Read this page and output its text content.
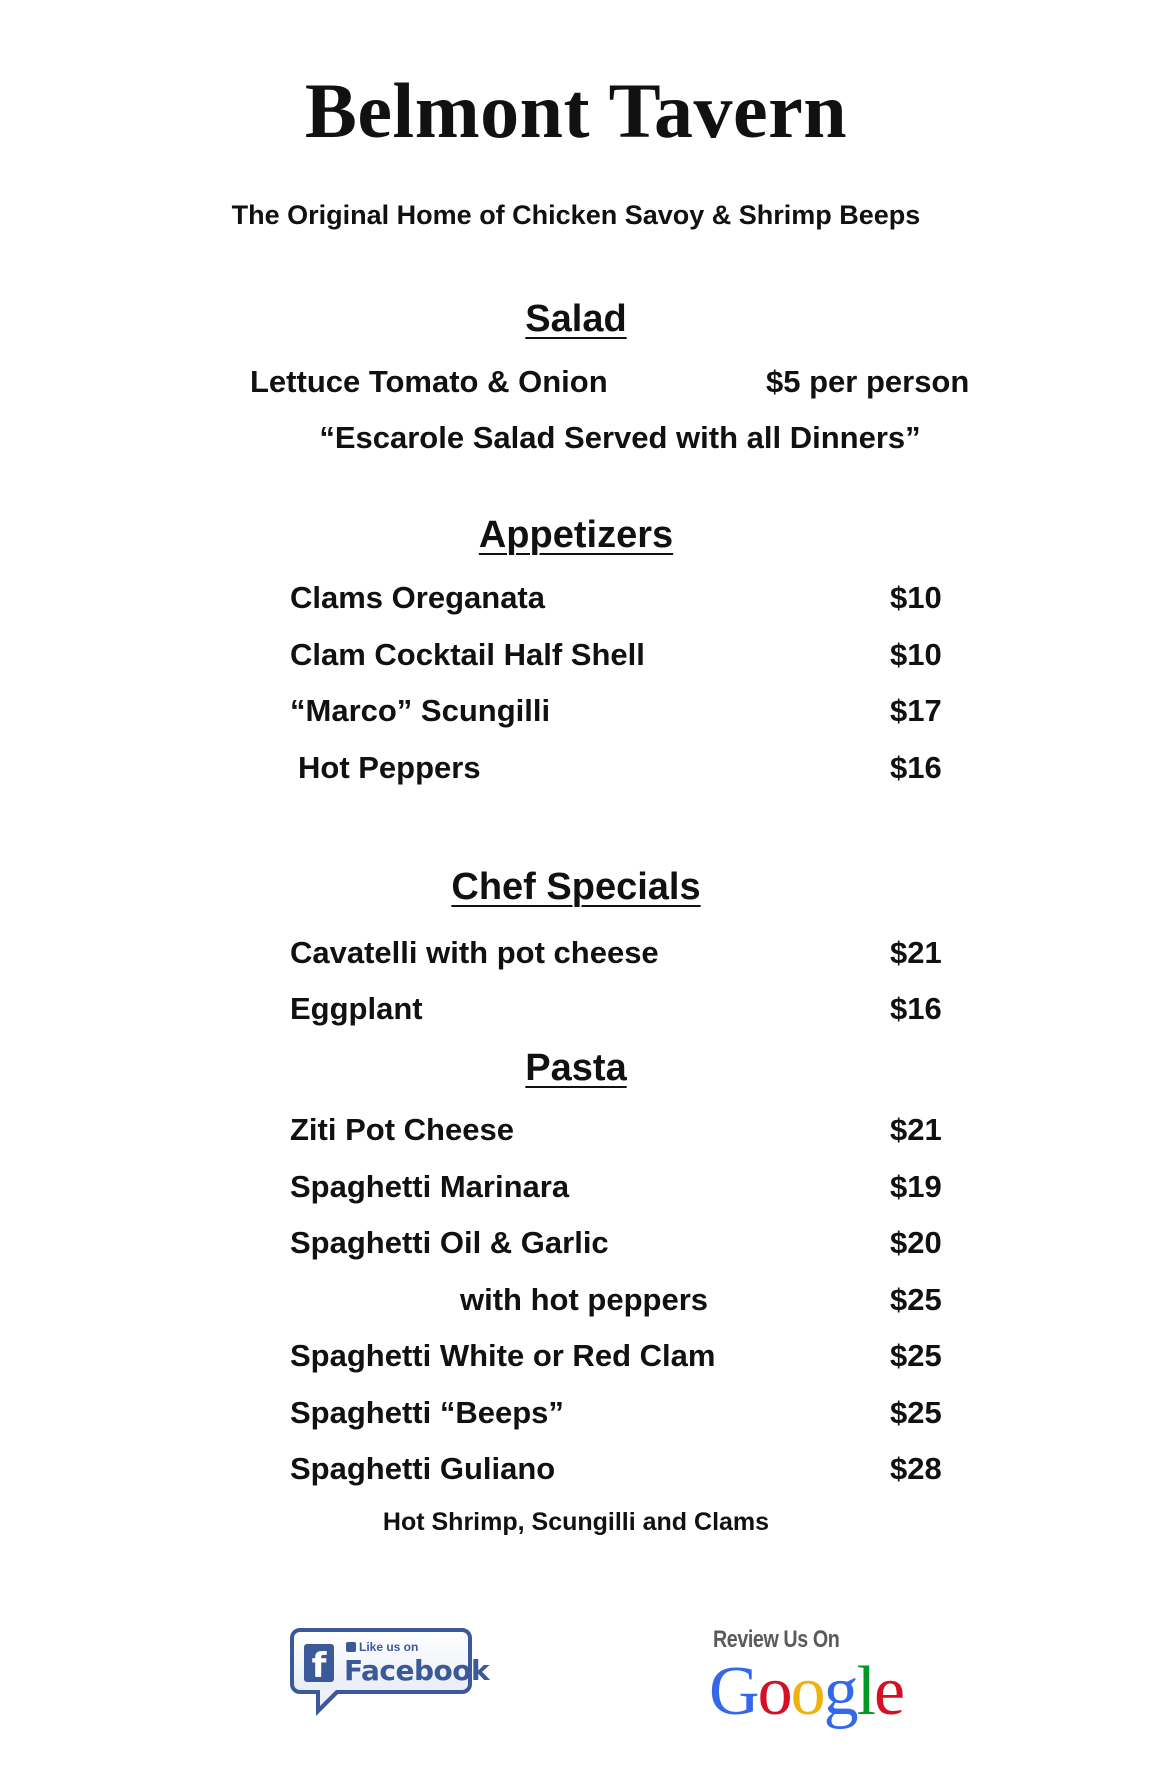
Belmont Tavern
The Original Home of Chicken Savoy & Shrimp Beeps
Salad
Lettuce Tomato & Onion	$5 per person
“Escarole Salad Served with all Dinners”
Appetizers
Clams Oreganata	$10
Clam Cocktail Half Shell	$10
“Marco” Scungilli	$17
Hot Peppers	$16
Chef Specials
Cavatelli with pot cheese	$21
Eggplant	$16
Pasta
Ziti Pot Cheese	$21
Spaghetti Marinara	$19
Spaghetti Oil & Garlic	$20
with hot peppers	$25
Spaghetti White or Red Clam	$25
Spaghetti “Beeps”	$25
Spaghetti Guliano	$28
Hot Shrimp, Scungilli and Clams
f	Like us on
Facebook
Review Us On
Google
